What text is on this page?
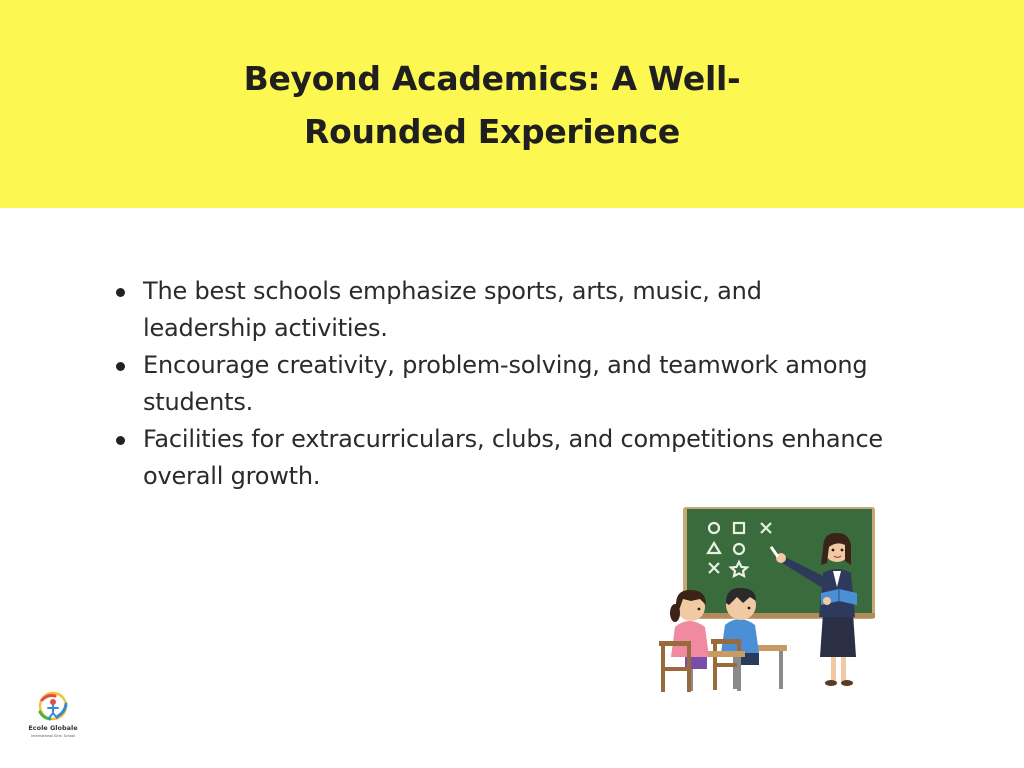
Beyond Academics: A Well-
Rounded Experience
The best schools emphasize sports, arts, music, and
leadership activities.
Encourage creativity, problem-solving, and teamwork among
students.
Facilities for extracurriculars, clubs, and competitions enhance
overall growth.
Ecole Globale
International Girls' School
